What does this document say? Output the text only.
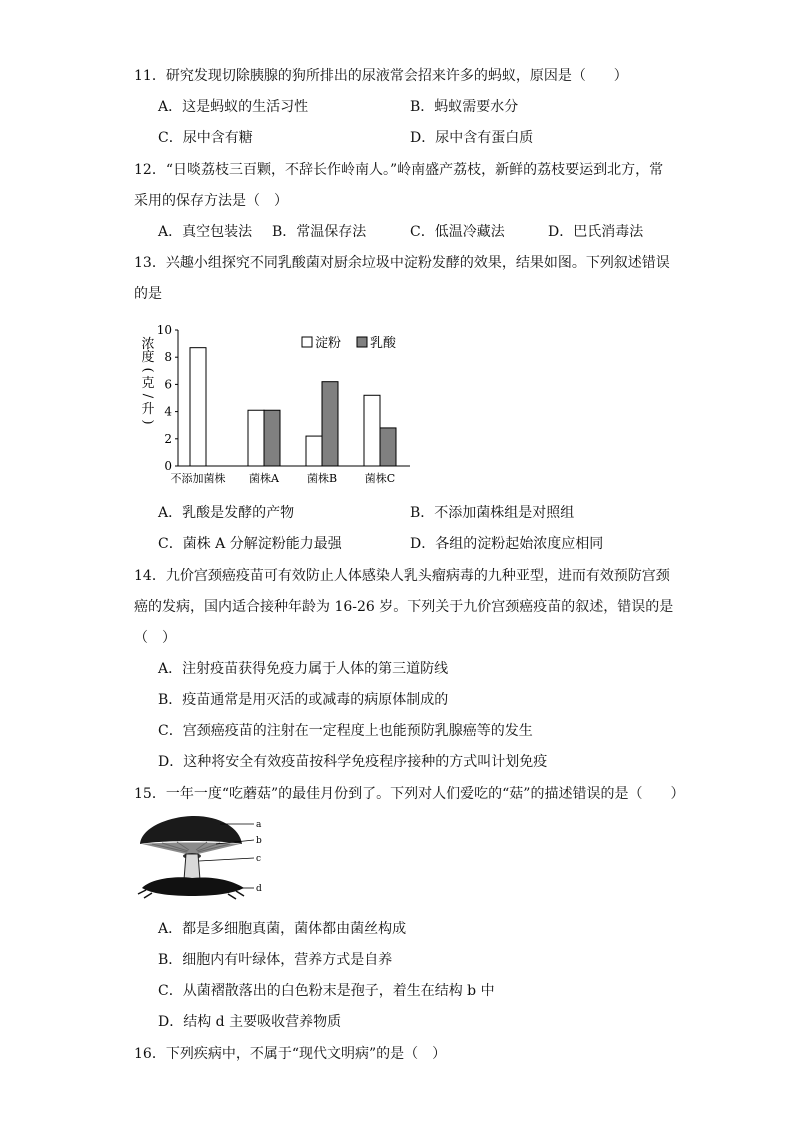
11．研究发现切除胰腺的狗所排出的尿液常会招来许多的蚂蚁，原因是（　　）
A．这是蚂蚁的生活习性	B．蚂蚁需要水分
C．尿中含有糖	D．尿中含有蛋白质
12．“日啖荔枝三百颗，不辞长作岭南人。”岭南盛产荔枝，新鲜的荔枝要运到北方，常
采用的保存方法是（　）
A．真空包装法 B．常温保存法	C．低温冷藏法	D．巴氏消毒法
13．兴趣小组探究不同乳酸菌对厨余垃圾中淀粉发酵的效果，结果如图。下列叙述错误
的是
浓
度
(
克
/
升
)
0
2
4
6
8
10
不添加菌株 菌株A	菌株B	菌株C
淀粉 乳酸
A．乳酸是发酵的产物	B．不添加菌株组是对照组
C．菌株 A 分解淀粉能力最强	D．各组的淀粉起始浓度应相同
14．九价宫颈癌疫苗可有效防止人体感染人乳头瘤病毒的九种亚型，进而有效预防宫颈
癌的发病，国内适合接种年龄为 16-26 岁。下列关于九价宫颈癌疫苗的叙述，错误的是
（　）
A．注射疫苗获得免疫力属于人体的第三道防线
B．疫苗通常是用灭活的或减毒的病原体制成的
C．宫颈癌疫苗的注射在一定程度上也能预防乳腺癌等的发生
D．这种将安全有效疫苗按科学免疫程序接种的方式叫计划免疫
15．一年一度“吃蘑菇”的最佳月份到了。下列对人们爱吃的“菇”的描述错误的是（　　）
a
b
c
d
A．都是多细胞真菌，菌体都由菌丝构成
B．细胞内有叶绿体，营养方式是自养
C．从菌褶散落出的白色粉末是孢子，着生在结构 b 中
D．结构 d 主要吸收营养物质
16．下列疾病中，不属于“现代文明病”的是（　）
